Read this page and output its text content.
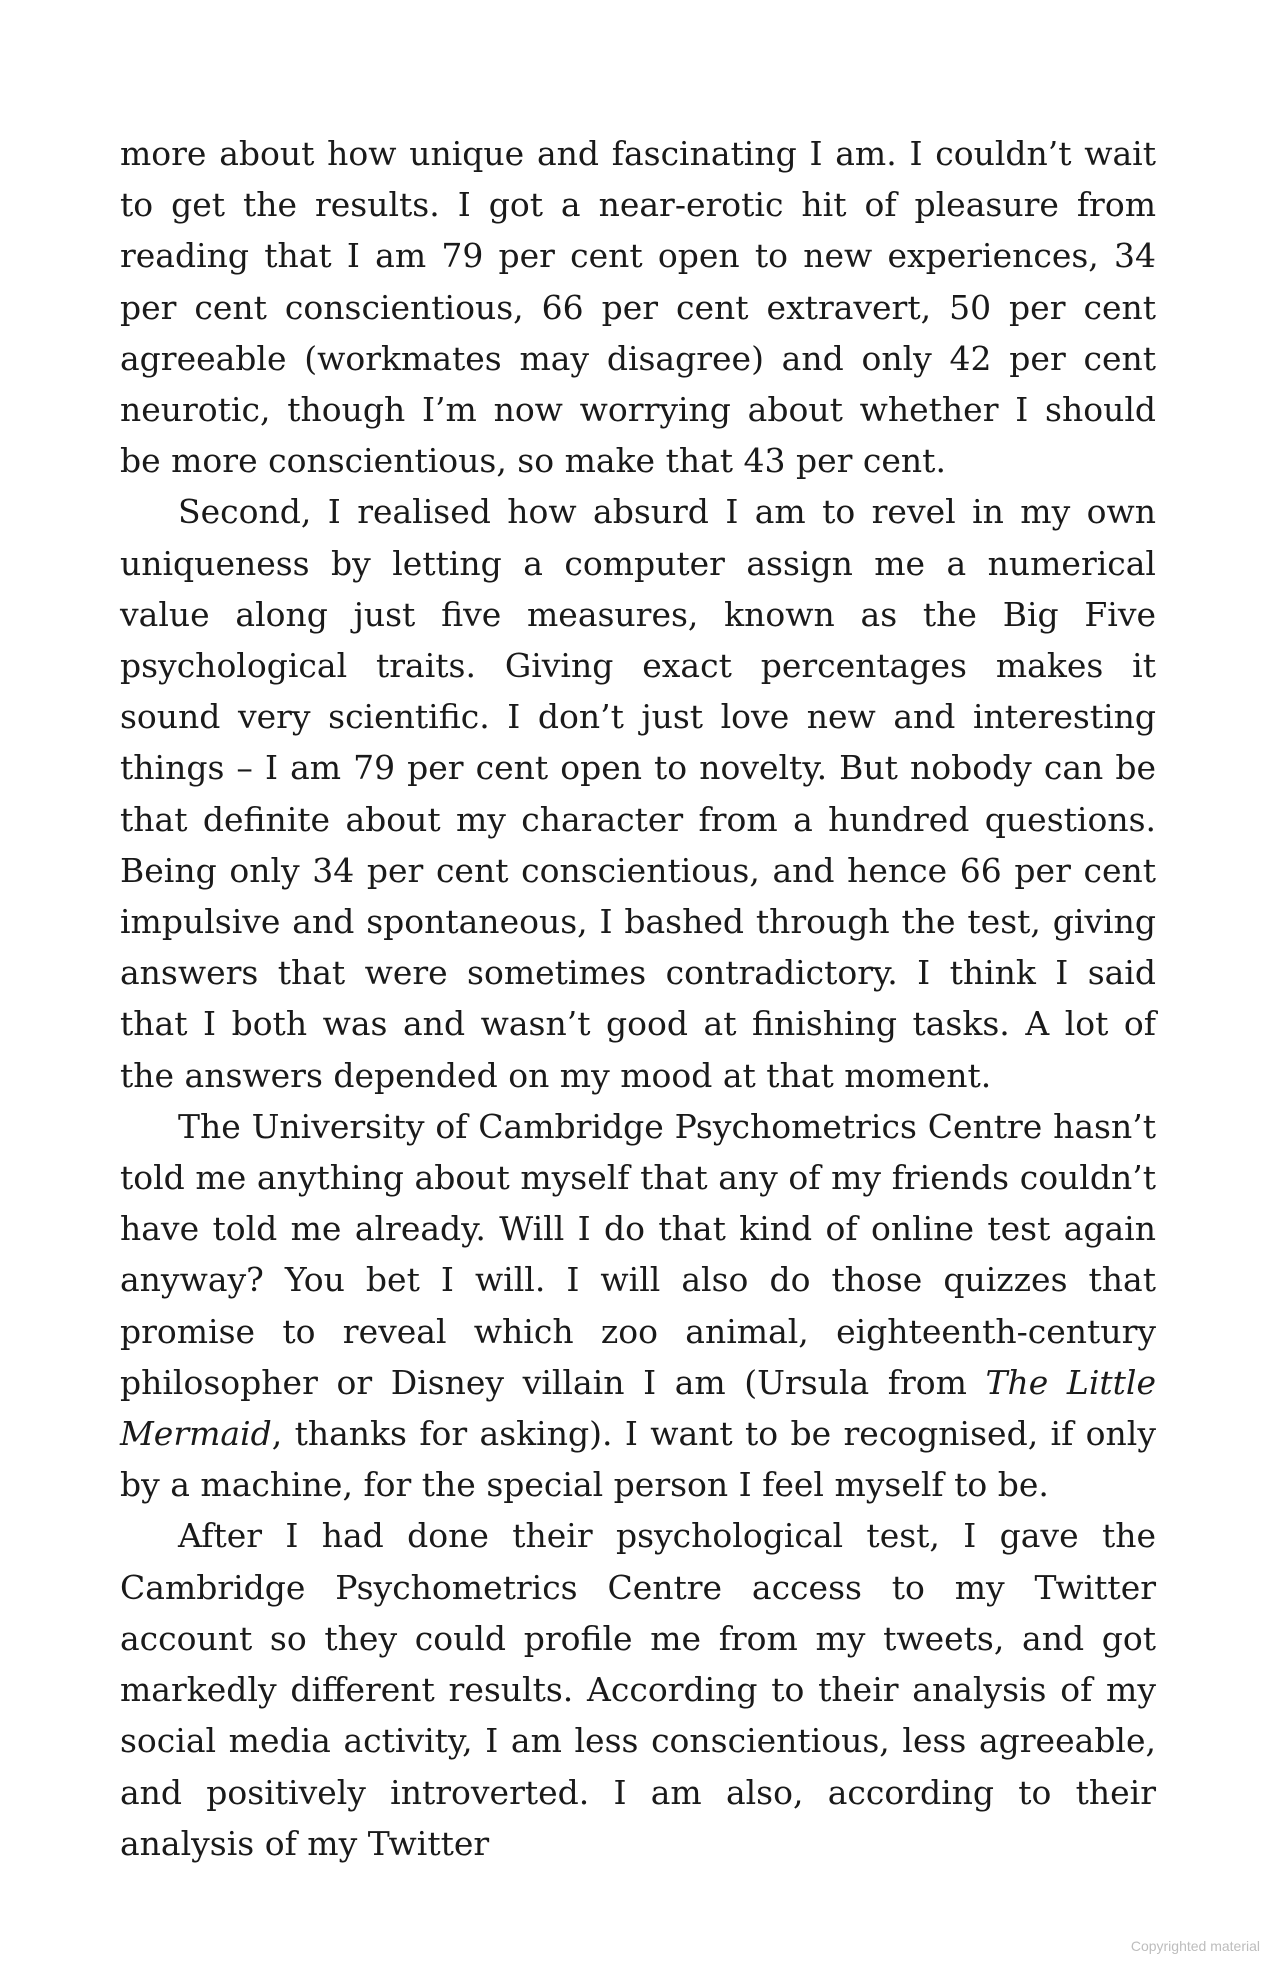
more about how unique and fascinating I am. I couldn’t wait to get the results. I got a near-erotic hit of pleasure from reading that I am 79 per cent open to new experiences, 34 per cent conscientious, 66 per cent extravert, 50 per cent agreeable (workmates may disagree) and only 42 per cent neurotic, though I’m now worrying about whether I should be more conscientious, so make that 43 per cent.

Second, I realised how absurd I am to revel in my own uniqueness by letting a computer assign me a numerical value along just five measures, known as the Big Five psychological traits. Giving exact percentages makes it sound very scientific. I don’t just love new and interesting things – I am 79 per cent open to novelty. But nobody can be that definite about my character from a hundred questions. Being only 34 per cent conscientious, and hence 66 per cent impulsive and spontaneous, I bashed through the test, giving answers that were sometimes contradictory. I think I said that I both was and wasn’t good at finishing tasks. A lot of the answers depended on my mood at that moment.

The University of Cambridge Psychometrics Centre hasn’t told me anything about myself that any of my friends couldn’t have told me already. Will I do that kind of online test again anyway? You bet I will. I will also do those quizzes that promise to reveal which zoo animal, eighteenth-century philosopher or Disney villain I am (Ursula from The Little Mermaid, thanks for asking). I want to be recognised, if only by a machine, for the special person I feel myself to be.

After I had done their psychological test, I gave the Cambridge Psychometrics Centre access to my Twitter account so they could profile me from my tweets, and got markedly different results. According to their analysis of my social media activity, I am less conscientious, less agreeable, and positively introverted. I am also, according to their analysis of my Twitter

Copyrighted material
